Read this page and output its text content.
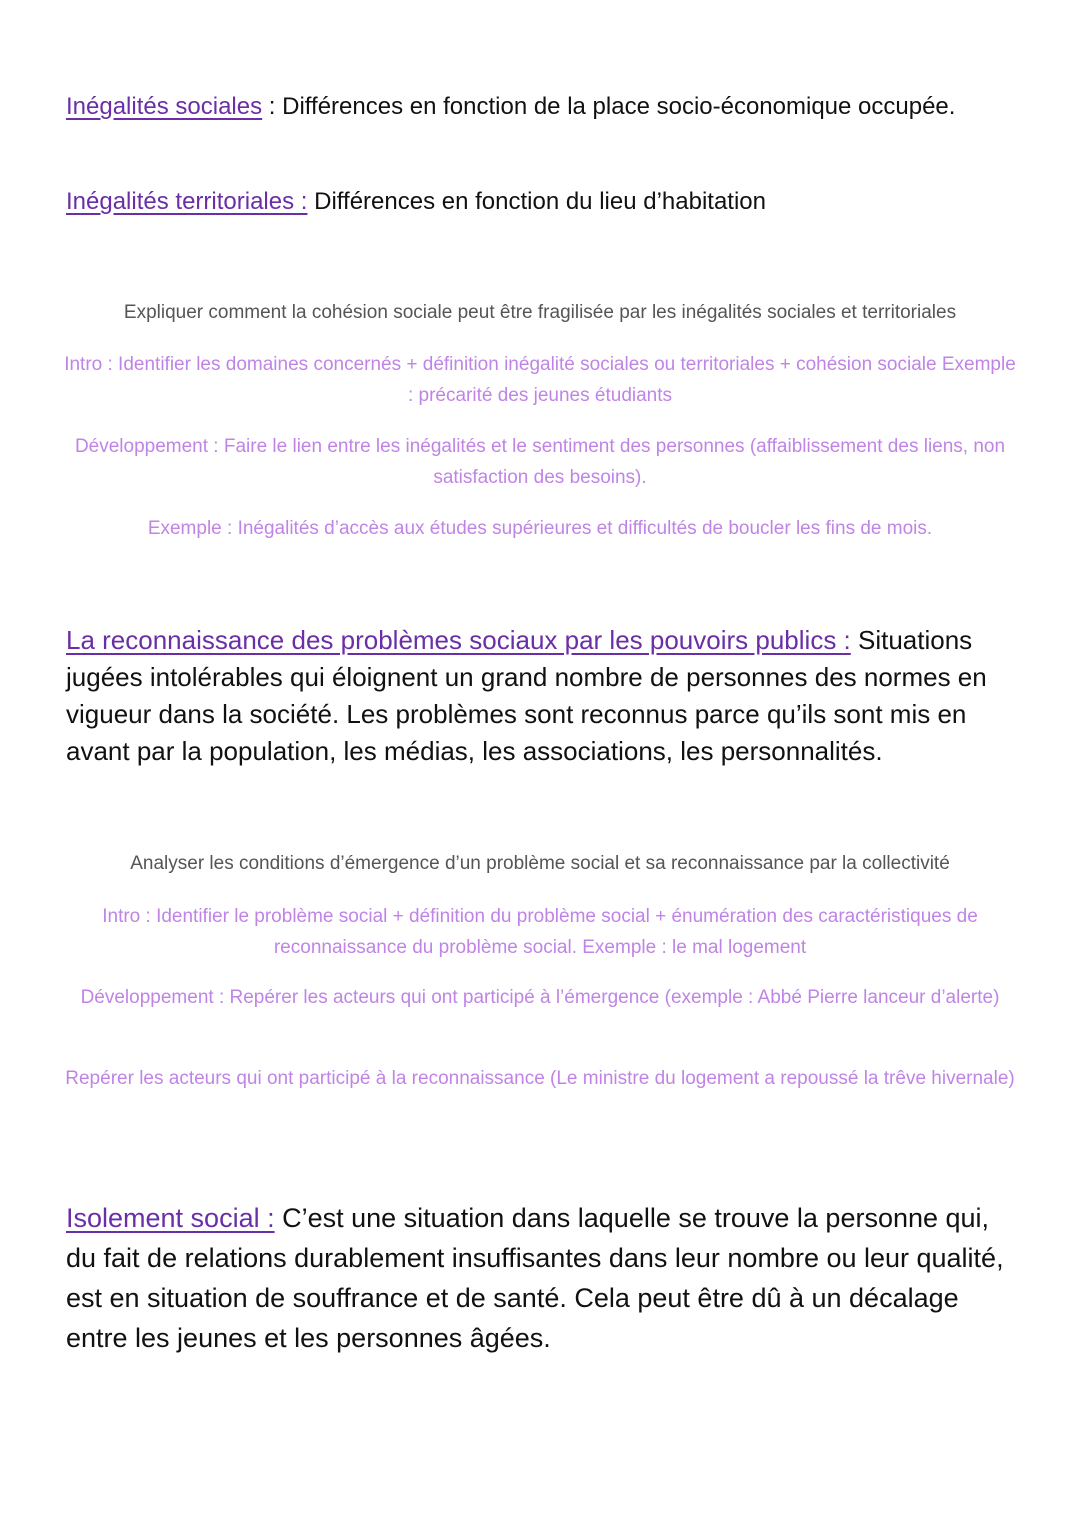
Inégalités sociales : Différences en fonction de la place socio-économique occupée.

Inégalités territoriales : Différences en fonction du lieu d’habitation

Expliquer comment la cohésion sociale peut être fragilisée par les inégalités sociales et territoriales

Intro : Identifier les domaines concernés + définition inégalité sociales ou territoriales + cohésion sociale Exemple : précarité des jeunes étudiants

Développement : Faire le lien entre les inégalités et le sentiment des personnes (affaiblissement des liens, non satisfaction des besoins).

Exemple : Inégalités d’accès aux études supérieures et difficultés de boucler les fins de mois.

La reconnaissance des problèmes sociaux par les pouvoirs publics : Situations jugées intolérables qui éloignent un grand nombre de personnes des normes en vigueur dans la société. Les problèmes sont reconnus parce qu’ils sont mis en avant par la population, les médias, les associations, les personnalités.

Analyser les conditions d’émergence d’un problème social et sa reconnaissance par la collectivité

Intro : Identifier le problème social + définition du problème social + énumération des caractéristiques de reconnaissance du problème social. Exemple : le mal logement

Développement : Repérer les acteurs qui ont participé à l’émergence (exemple : Abbé Pierre lanceur d’alerte)

Repérer les acteurs qui ont participé à la reconnaissance (Le ministre du logement a repoussé la trêve hivernale)

Isolement social : C’est une situation dans laquelle se trouve la personne qui, du fait de relations durablement insuffisantes dans leur nombre ou leur qualité, est en situation de souffrance et de santé. Cela peut être dû à un décalage entre les jeunes et les personnes âgées.
